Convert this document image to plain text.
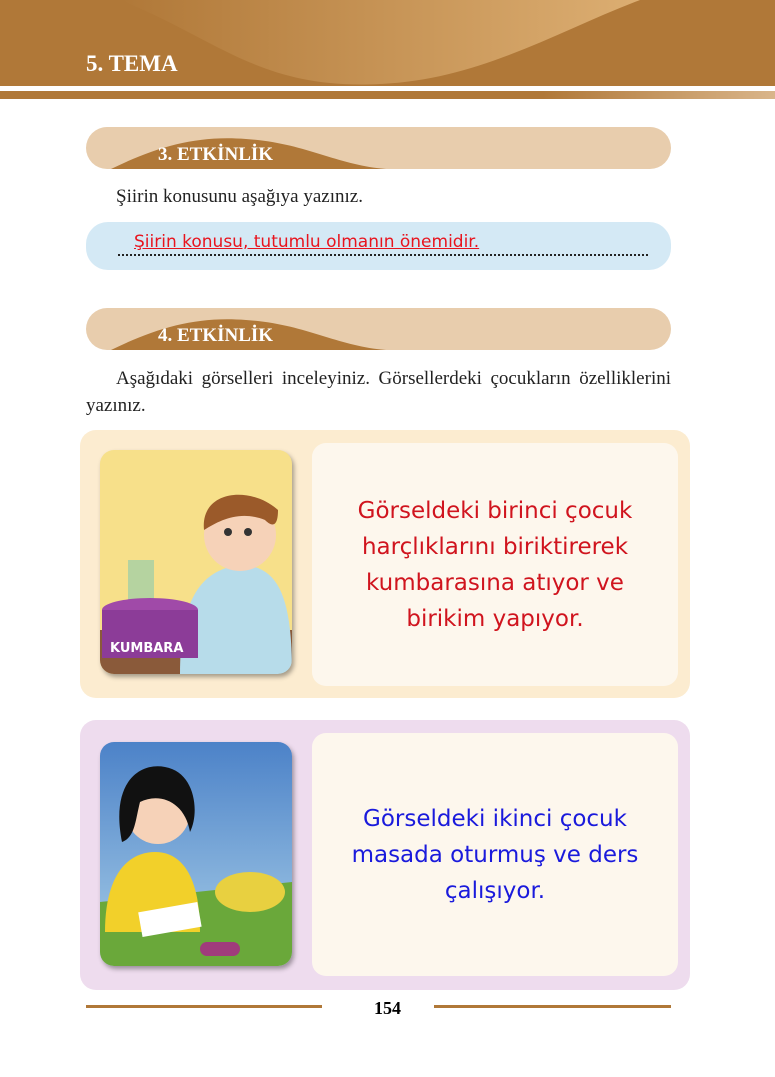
5. TEMA
3. ETKİNLİK
Şiirin konusunu aşağıya yazınız.
Şiirin konusu, tutumlu olmanın önemidir.
4. ETKİNLİK
Aşağıdaki görselleri inceleyiniz. Görsellerdeki çocukların özelliklerini yazınız.
KUMBARA
Görseldeki birinci çocuk harçlıklarını biriktirerek kumbarasına atıyor ve birikim yapıyor.
Görseldeki ikinci çocuk masada oturmuş ve ders çalışıyor.
154
